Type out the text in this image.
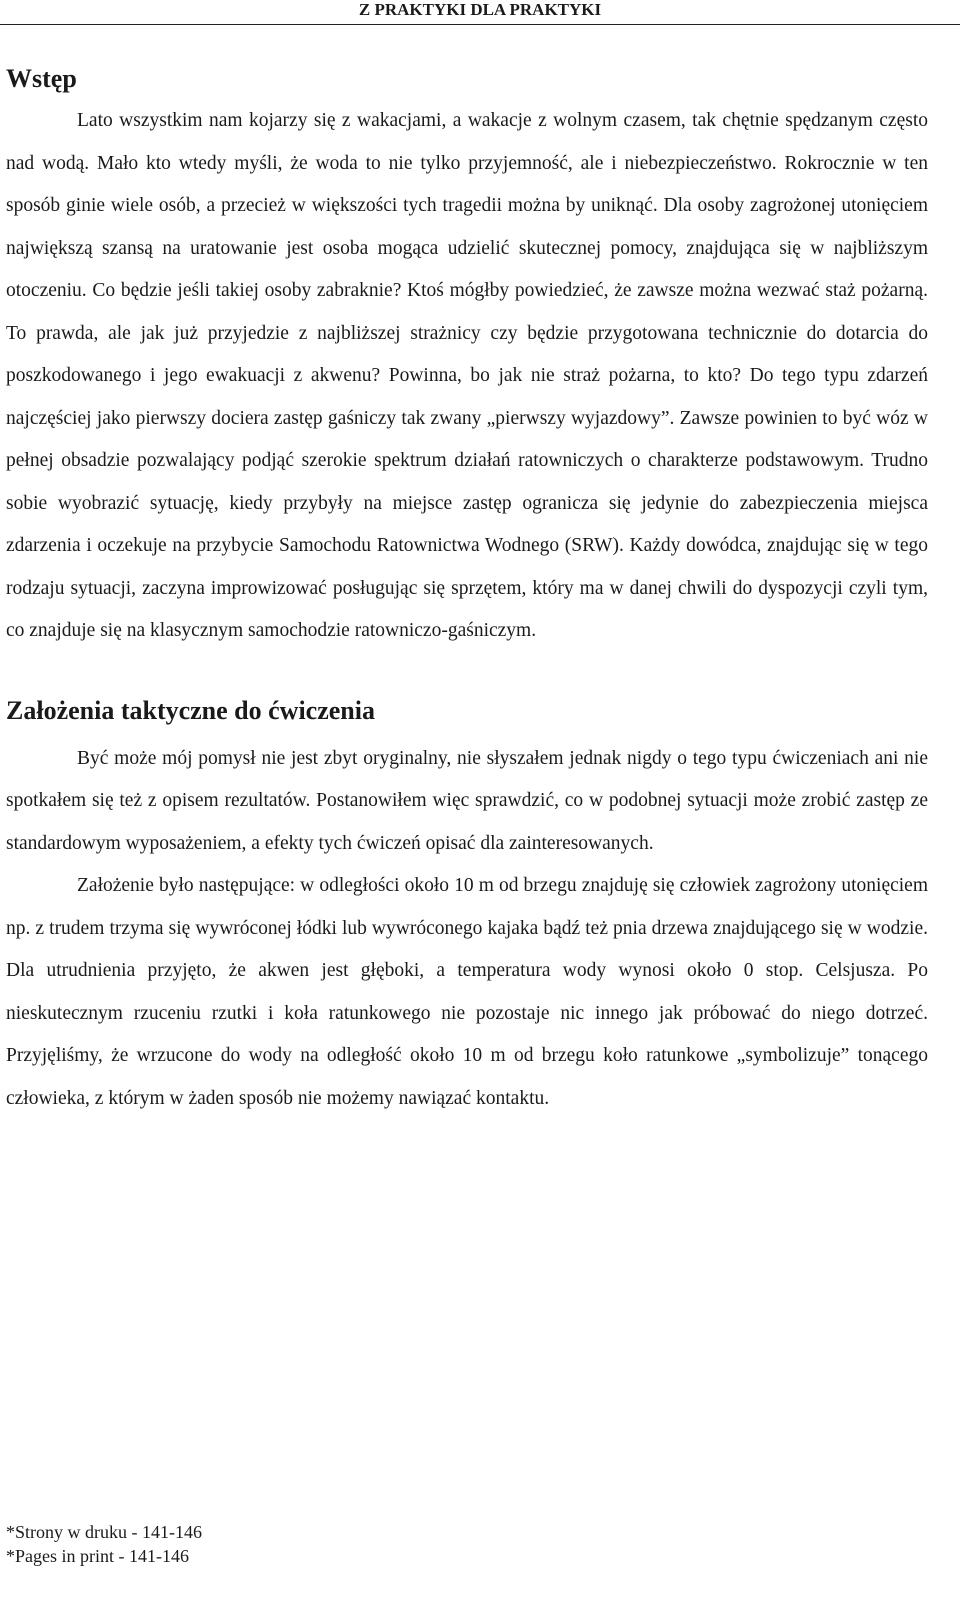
Z PRAKTYKI DLA PRAKTYKI
Wstęp

Lato wszystkim nam kojarzy się z wakacjami, a wakacje z wolnym czasem, tak chętnie spędzanym często nad wodą. Mało kto wtedy myśli, że woda to nie tylko przyjemność, ale i niebezpieczeństwo. Rokrocznie w ten sposób ginie wiele osób, a przecież w większości tych tragedii można by uniknąć. Dla osoby zagrożonej utonięciem największą szansą na uratowanie jest osoba mogąca udzielić skutecznej pomocy, znajdująca się w najbliższym otoczeniu. Co będzie jeśli takiej osoby zabraknie? Ktoś mógłby powiedzieć, że zawsze można wezwać staż pożarną. To prawda, ale jak już przyjedzie z najbliższej strażnicy czy będzie przygotowana technicznie do dotarcia do poszkodowanego i jego ewakuacji z akwenu? Powinna, bo jak nie straż pożarna, to kto? Do tego typu zdarzeń najczęściej jako pierwszy dociera zastęp gaśniczy tak zwany „pierwszy wyjazdowy”. Zawsze powinien to być wóz w pełnej obsadzie pozwalający podjąć szerokie spektrum działań ratowniczych o charakterze podstawowym. Trudno sobie wyobrazić sytuację, kiedy przybyły na miejsce zastęp ogranicza się jedynie do zabezpieczenia miejsca zdarzenia i oczekuje na przybycie Samochodu Ratownictwa Wodnego (SRW). Każdy dowódca, znajdując się w tego rodzaju sytuacji, zaczyna improwizować posługując się sprzętem, który ma w danej chwili do dyspozycji czyli tym, co znajduje się na klasycznym samochodzie ratowniczo-gaśniczym.

Założenia taktyczne do ćwiczenia

Być może mój pomysł nie jest zbyt oryginalny, nie słyszałem jednak nigdy o tego typu ćwiczeniach ani nie spotkałem się też z opisem rezultatów. Postanowiłem więc sprawdzić, co w podobnej sytuacji może zrobić zastęp ze standardowym wyposażeniem, a efekty tych ćwiczeń opisać dla zainteresowanych.

Założenie było następujące: w odległości około 10 m od brzegu znajduję się człowiek zagrożony utonięciem np. z trudem trzyma się wywróconej łódki lub wywróconego kajaka bądź też pnia drzewa znajdującego się w wodzie. Dla utrudnienia przyjęto, że akwen jest głęboki, a temperatura wody wynosi około 0 stop. Celsjusza. Po nieskutecznym rzuceniu rzutki i koła ratunkowego nie pozostaje nic innego jak próbować do niego dotrzeć. Przyjęliśmy, że wrzucone do wody na odległość około 10 m od brzegu koło ratunkowe „symbolizuje” tonącego człowieka, z którym w żaden sposób nie możemy nawiązać kontaktu.

*Strony w druku - 141-146
*Pages in print - 141-146
